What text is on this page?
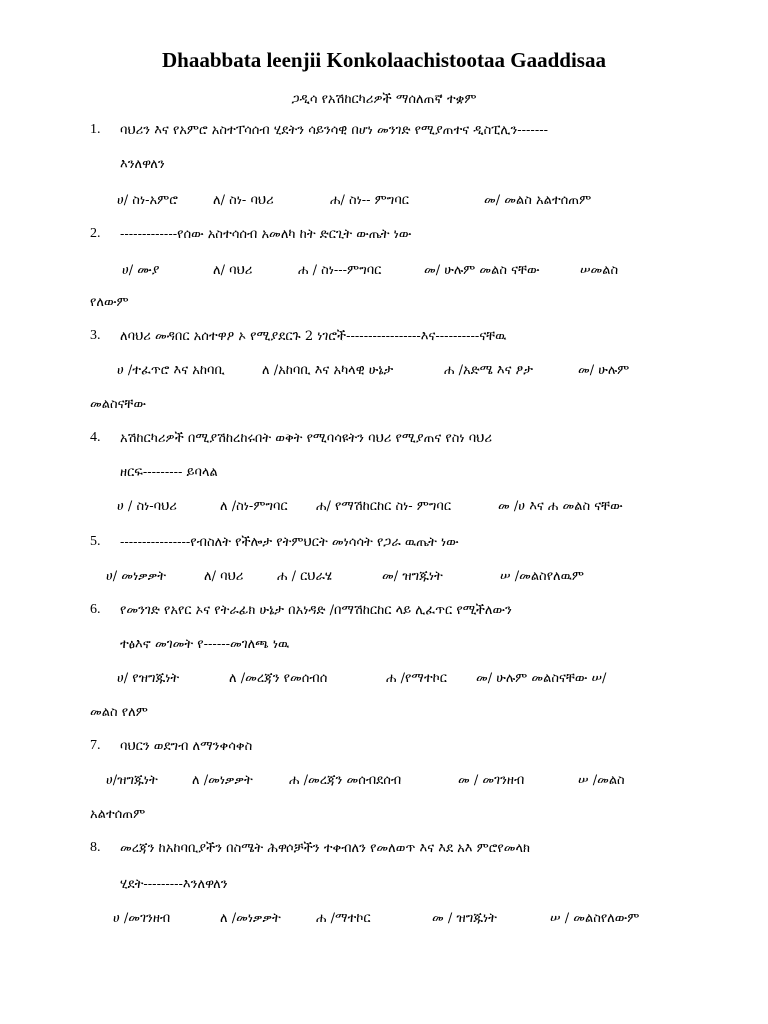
Dhaabbata leenjii Konkolaachistootaa Gaaddisaa
ጋዲሳ የአሽከርካሪዎች ማሰለጠኛ ተቋም
1. ባህሪን እና የአምሮ አስተፐሳሰብ ሂደትን ሳይንሳዊ በሆነ መንገድ የሚያጠተና ዲስፒሊን-------
እንለዋለን
ሀ/ ስነ-አምሮ	ለ/ ስነ- ባህሪ	ሐ/ ስነ-- ምግባር	መ/ መልስ አልተሰጠም
2. -------------የሰው አስተሳሰብ አመለካ ከት ድርጊት ውጤት ነው
ሀ/ ሙያ	ለ/ ባህሪ	ሐ / ስነ---ምግባር	መ/ ሁሉም መልስ ናቸው	ሠመልስ
የለውም
3. ለባህሪ መዳበር አሰተዋዖ ኦ የሚያደርጉ 2 ነገሮች-----------------እና----------ናቸዉ
ሀ /ተፈጥሮ እና አከባቢ	ለ /አከባቢ እና አካላዊ ሁኔታ	ሐ /አድሜ እና ፆታ	መ/ ሁሉም
መልስናቸው
4. አሽከርካሪዎች በሚያሽከረከሩበት ወቅት የሚባሳዩትን ባህሪ የሚያጠና የስነ ባህሪ
ዘርፍ--------- ይባላል
ሀ / ስነ-ባህሪ	ለ /ስነ-ምግባር ሐ/ የማሽከርከር ስነ- ምግባር	መ /ሀ እና ሐ መልስ ናቸው
5. ----------------የብስለት የችሎታ የትምህርት መነሳሳት የጋራ ዉጤት ነው
ሀ/ መነቃቃት	ለ/ ባህሪ	ሐ / ርህራሄ	መ/ ዝግጁነት	ሠ /መልስየለዉም
6. የመንገድ የአየር ኦና የትራፊክ ሁኔታ በአነዳድ /በማሽከርከር ላይ ሊፈጥር የሚችለውን
ተፅእኖ መገመት የ------መገለጫ ነዉ
ሀ/ የዝግጁነት	ለ /መረጃን የመሰብሰ	ሐ /የማተኮር መ/ ሁሉም መልስናቸው ሠ/
መልስ የለም
7. ባህርን ወደግብ ለማንቀሳቀስ
ሀ/ዝግጁነት	ለ /መነቃቃት	ሐ /መረጃን መሰብደሰብ	መ / መገንዘብ	ሠ /መልስ
አልተሰጠም
8. መረጃን ከአከባቢያችን በስሜት ሕዋሶቻችን ተቀብለን የመለወጥ እና እደ አእ ምሮየመላክ
ሂደት---------እንለዋለን
ሀ /መገንዘብ	ለ /መነቃቃት	ሐ /ማተኮር	መ / ዝግጁነት	ሠ / መልስየለውም
